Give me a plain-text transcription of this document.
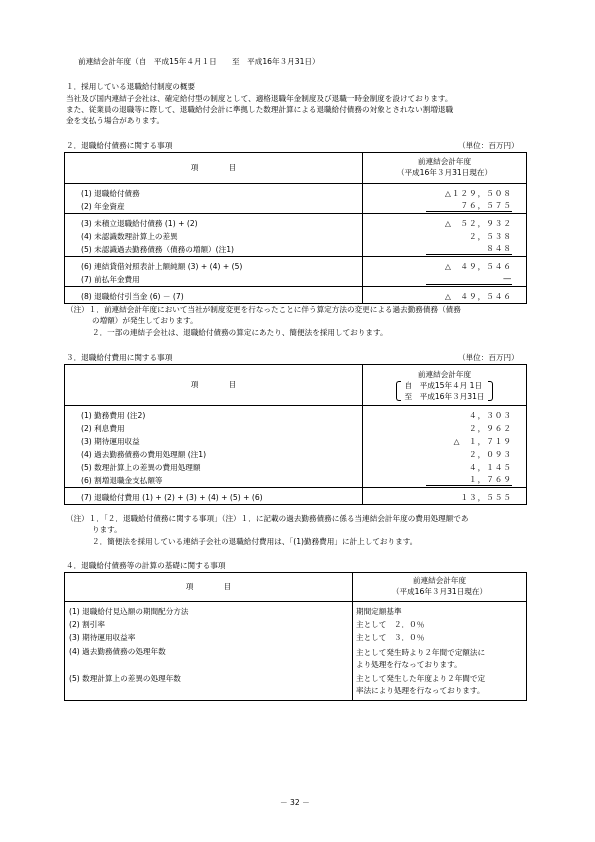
前連結会計年度（自　平成15年４月１日　　至　平成16年３月31日）
１．採用している退職給付制度の概要
当社及び国内連結子会社は、確定給付型の制度として、適格退職年金制度及び退職一時金制度を設けております。
また、従業員の退職等に際して、退職給付会計に準拠した数理計算による退職給付債務の対象とされない割増退職
金を支払う場合があります。
２．退職給付債務に関する事項	（単位：百万円）
項　　　　目	前連結会計年度
（平成16年３月31日現在）

(1) 退職給付債務	△１２９，５０８
(2) 年金資産	７６，５７５
(3) 未積立退職給付債務 (1) + (2)	△　５２，９３２
(4) 未認識数理計算上の差異	２，５３８
(5) 未認識過去勤務債務（債務の増額）(注1)	８４８
(6) 連結貸借対照表計上額純額 (3) + (4) + (5)	△　４９，５４６
(7) 前払年金費用	―
(8) 退職給付引当金 (6) － (7)	△　４９，５４６
（注）１．前連結会計年度において当社が制度変更を行なったことに伴う算定方法の変更による過去勤務債務（債務
の増額）が発生しております。
２．一部の連結子会社は、退職給付債務の算定にあたり、簡便法を採用しております。
３．退職給付費用に関する事項	（単位：百万円）
項　　　　目	前連結会計年度
自　平成15年４月 1日
至　平成16年３月31日

(1) 勤務費用 (注2)	４，３０３
(2) 利息費用	２，９６２
(3) 期待運用収益	△　１，７１９
(4) 過去勤務債務の費用処理額 (注1)	２，０９３
(5) 数理計算上の差異の費用処理額	４，１４５
(6) 割増退職金支払額等	１，７６９
(7) 退職給付費用 (1) + (2) + (3) + (4) + (5) + (6)	１３，５５５
（注）１．「２．退職給付債務に関する事項」（注）１．に記載の過去勤務債務に係る当連結会計年度の費用処理額であ
ります。
２．簡便法を採用している連結子会社の退職給付費用は、「(1)勤務費用」に計上しております。
４．退職給付債務等の計算の基礎に関する事項
項　　　　目	前連結会計年度
（平成16年３月31日現在）

(1) 退職給付見込額の期間配分方法	期間定額基準
(2) 割引率	主として　２．０％
(3) 期待運用収益率	主として　３．０％
(4) 過去勤務債務の処理年数	主として発生時より２年間で定額法に
より処理を行なっております。

(5) 数理計算上の差異の処理年数	主として発生した年度より２年間で定
率法により処理を行なっております。
－ 32 －
